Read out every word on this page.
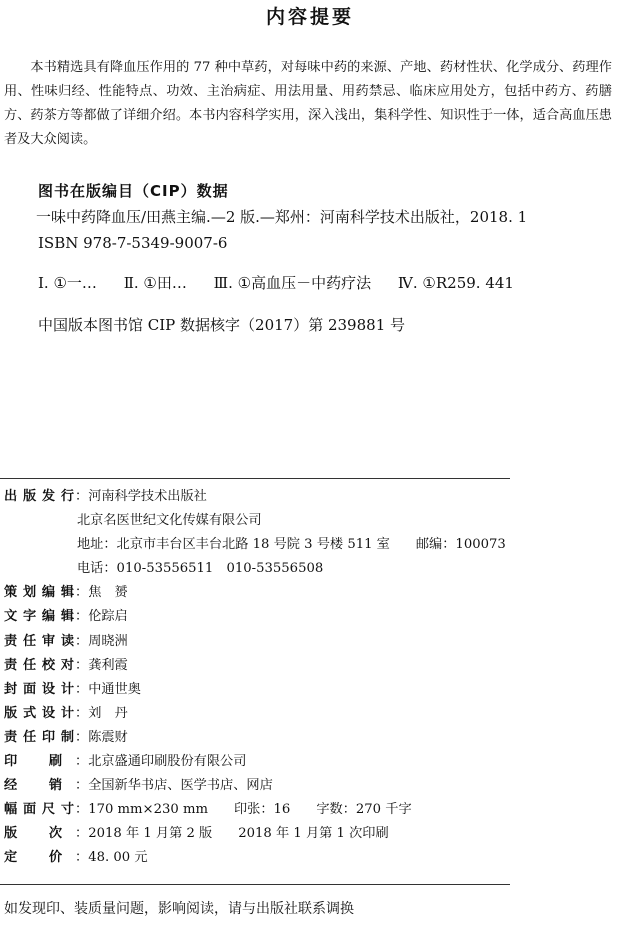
内容提要

本书精选具有降血压作用的 77 种中草药，对每味中药的来源、产地、药材性状、化学成分、药理作用、性味归经、性能特点、功效、主治病症、用法用量、用药禁忌、临床应用处方，包括中药方、药膳方、药茶方等都做了详细介绍。本书内容科学实用，深入浅出，集科学性、知识性于一体，适合高血压患者及大众阅读。

图书在版编目（CIP）数据
一味中药降血压/田燕主编.—2 版.—郑州：河南科学技术出版社，2018. 1
ISBN 978-7-5349-9007-6
Ⅰ. ①一… Ⅱ. ①田… Ⅲ. ①高血压－中药疗法 Ⅳ. ①R259. 441
中国版本图书馆 CIP 数据核字（2017）第 239881 号
出 版 发 行 ：河南科学技术出版社
北京名医世纪文化传媒有限公司
地址：北京市丰台区丰台北路 18 号院 3 号楼 511 室 邮编：100073
电话：010-53556511　010-53556508
策 划 编 辑 ：焦　赟
文 字 编 辑 ：伦踪启
责 任 审 读 ：周晓洲
责 任 校 对 ：龚利霞
封 面 设 计 ：中通世奥
版 式 设 计 ：刘　丹
责 任 印 制 ：陈震财
印 刷 ：北京盛通印刷股份有限公司
经 销 ：全国新华书店、医学书店、网店
幅 面 尺 寸 ：170 mm×230 mm 印张：16 字数：270 千字
版 次 ：2018 年 1 月第 2 版 2018 年 1 月第 1 次印刷
定 价 ：48. 00 元
如发现印、装质量问题，影响阅读，请与出版社联系调换
